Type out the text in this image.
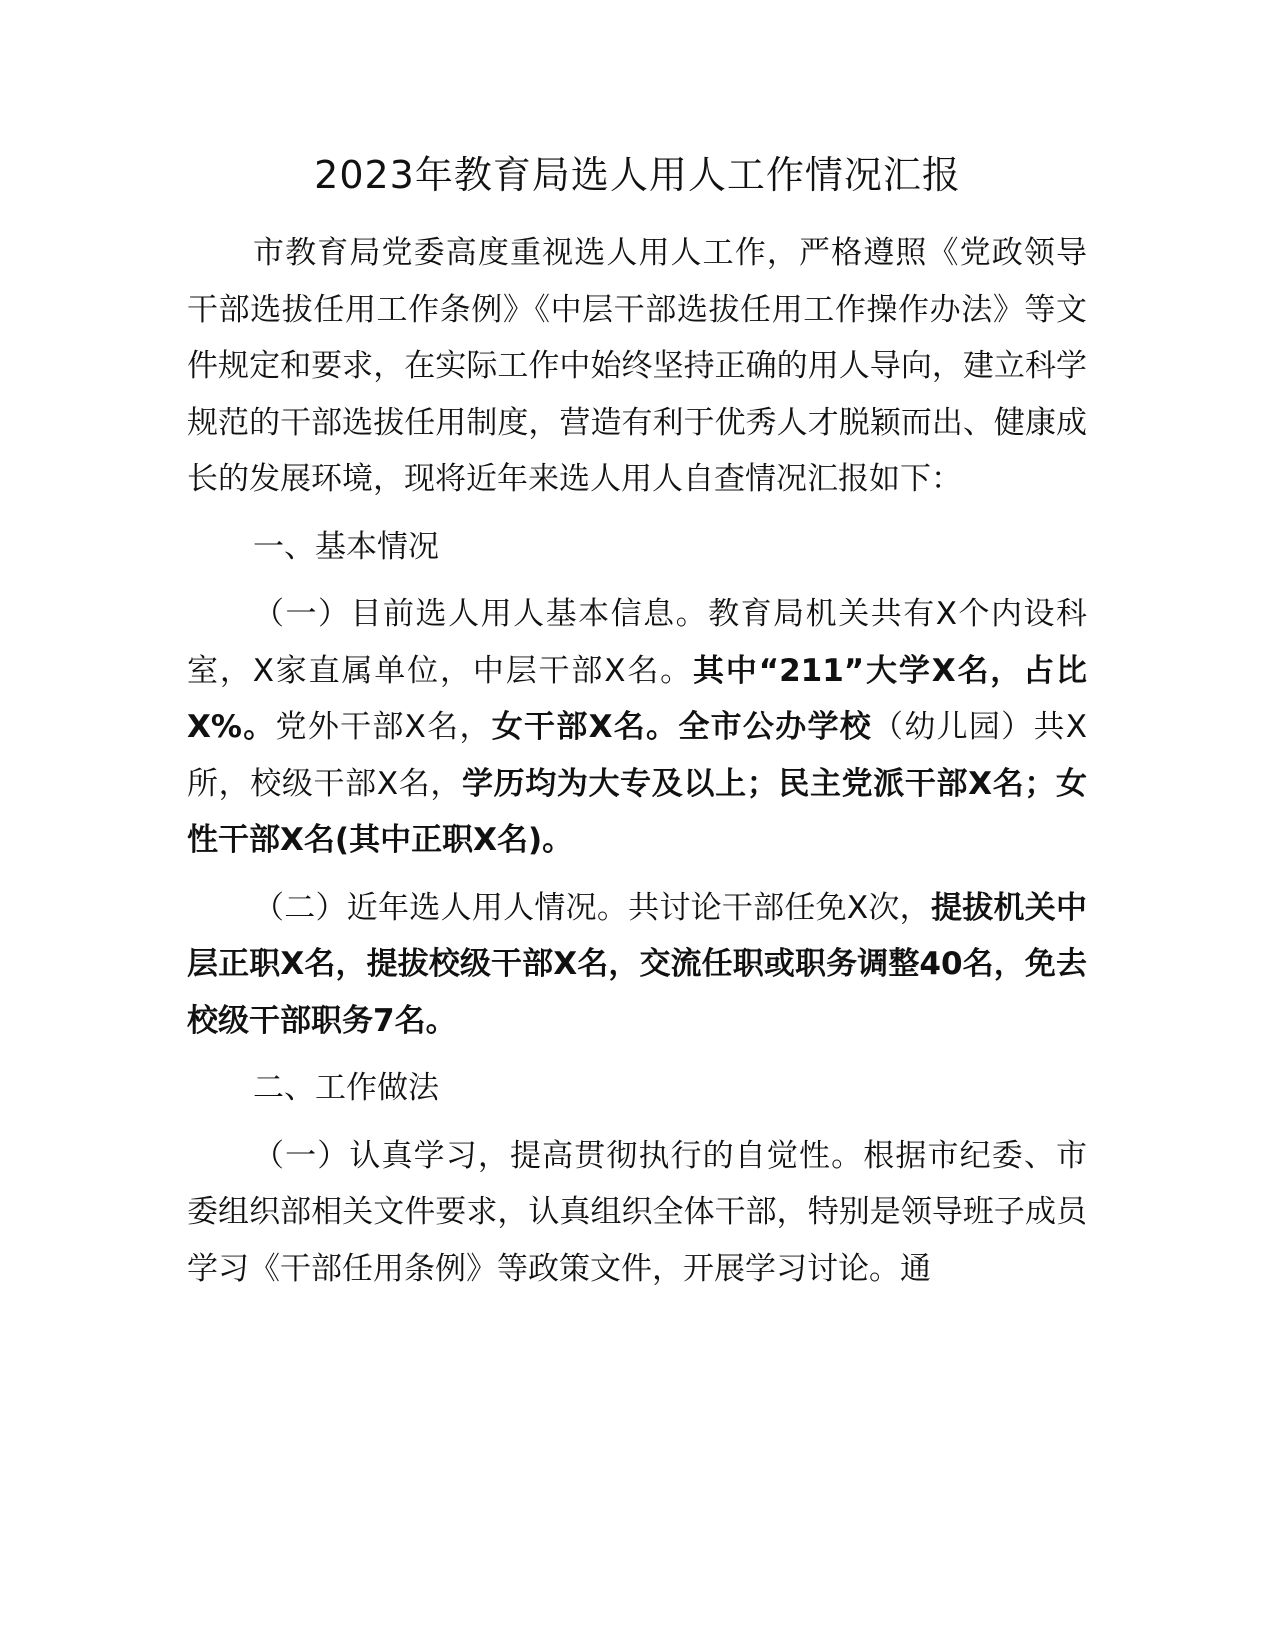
2023年教育局选人用人工作情况汇报

市教育局党委高度重视选人用人工作，严格遵照《党政领导干部选拔任用工作条例》《中层干部选拔任用工作操作办法》等文件规定和要求，在实际工作中始终坚持正确的用人导向，建立科学规范的干部选拔任用制度，营造有利于优秀人才脱颖而出、健康成长的发展环境，现将近年来选人用人自查情况汇报如下：

一、基本情况

（一）目前选人用人基本信息。教育局机关共有X个内设科室，X家直属单位，中层干部X名。其中“211”大学X名，占比X%。党外干部X名，女干部X名。全市公办学校（幼儿园）共X所，校级干部X名，学历均为大专及以上；民主党派干部X名；女性干部X名(其中正职X名)。

（二）近年选人用人情况。共讨论干部任免X次，提拔机关中层正职X名，提拔校级干部X名，交流任职或职务调整40名，免去校级干部职务7名。

二、工作做法

（一）认真学习，提高贯彻执行的自觉性。根据市纪委、市委组织部相关文件要求，认真组织全体干部，特别是领导班子成员学习《干部任用条例》等政策文件，开展学习讨论。通
